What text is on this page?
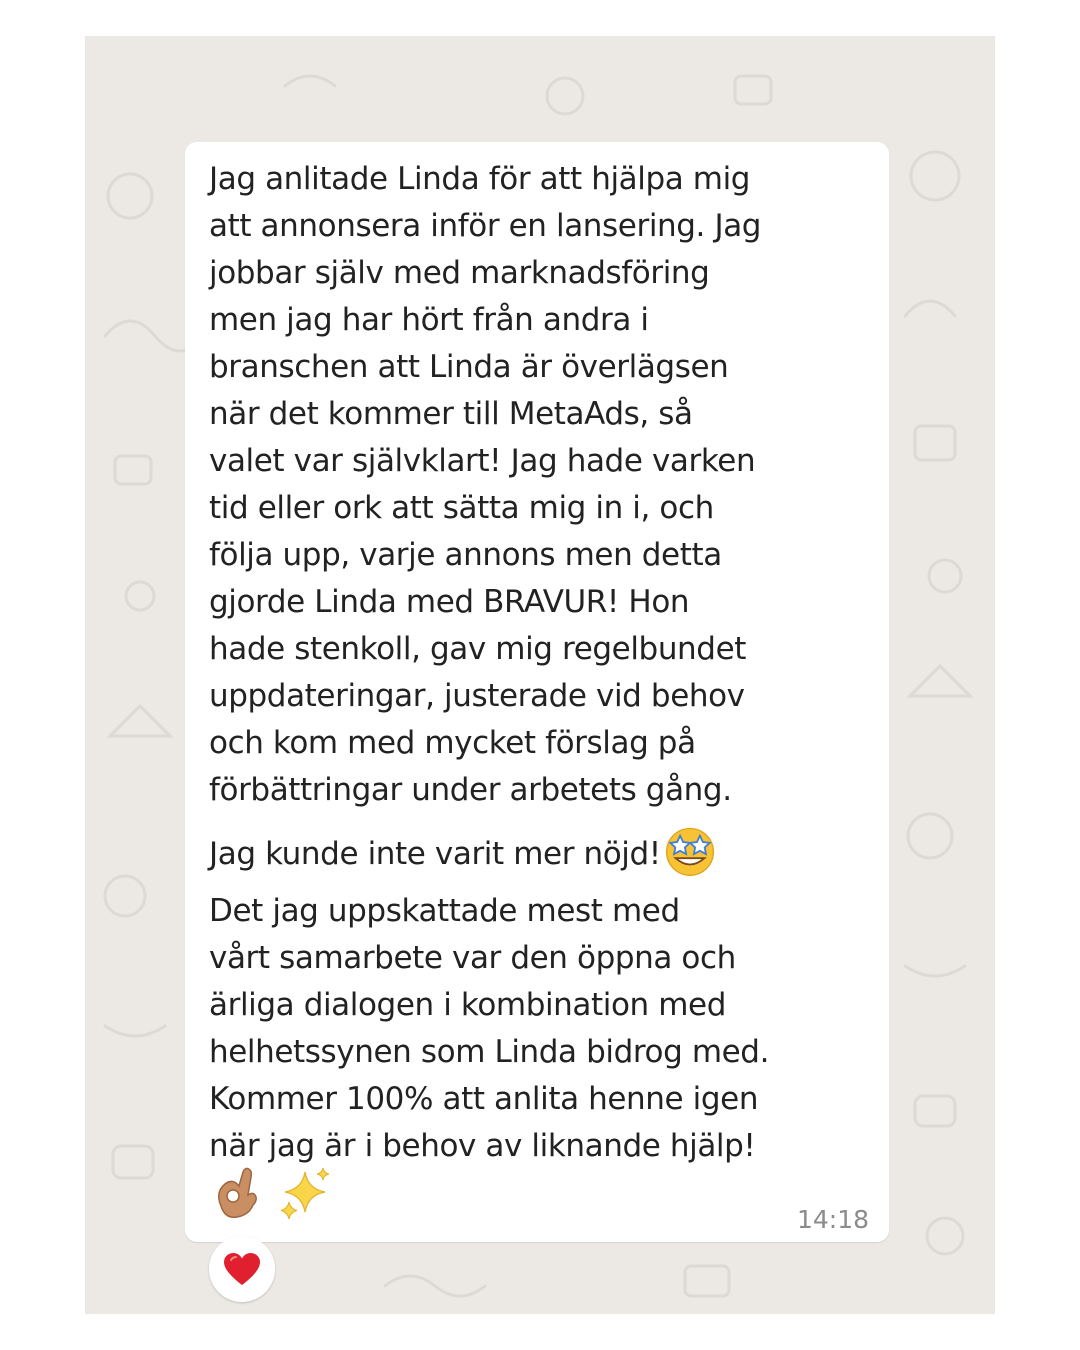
Jag anlitade Linda för att hjälpa mig
att annonsera inför en lansering. Jag
jobbar själv med marknadsföring
men jag har hört från andra i
branschen att Linda är överlägsen
när det kommer till MetaAds, så
valet var självklart! Jag hade varken
tid eller ork att sätta mig in i, och
följa upp, varje annons men detta
gjorde Linda med BRAVUR! Hon
hade stenkoll, gav mig regelbundet
uppdateringar, justerade vid behov
och kom med mycket förslag på
förbättringar under arbetets gång.
Jag kunde inte varit mer nöjd!
Det jag uppskattade mest med
vårt samarbete var den öppna och
ärliga dialogen i kombination med
helhetssynen som Linda bidrog med.
Kommer 100% att anlita henne igen
när jag är i behov av liknande hjälp!

14:18
